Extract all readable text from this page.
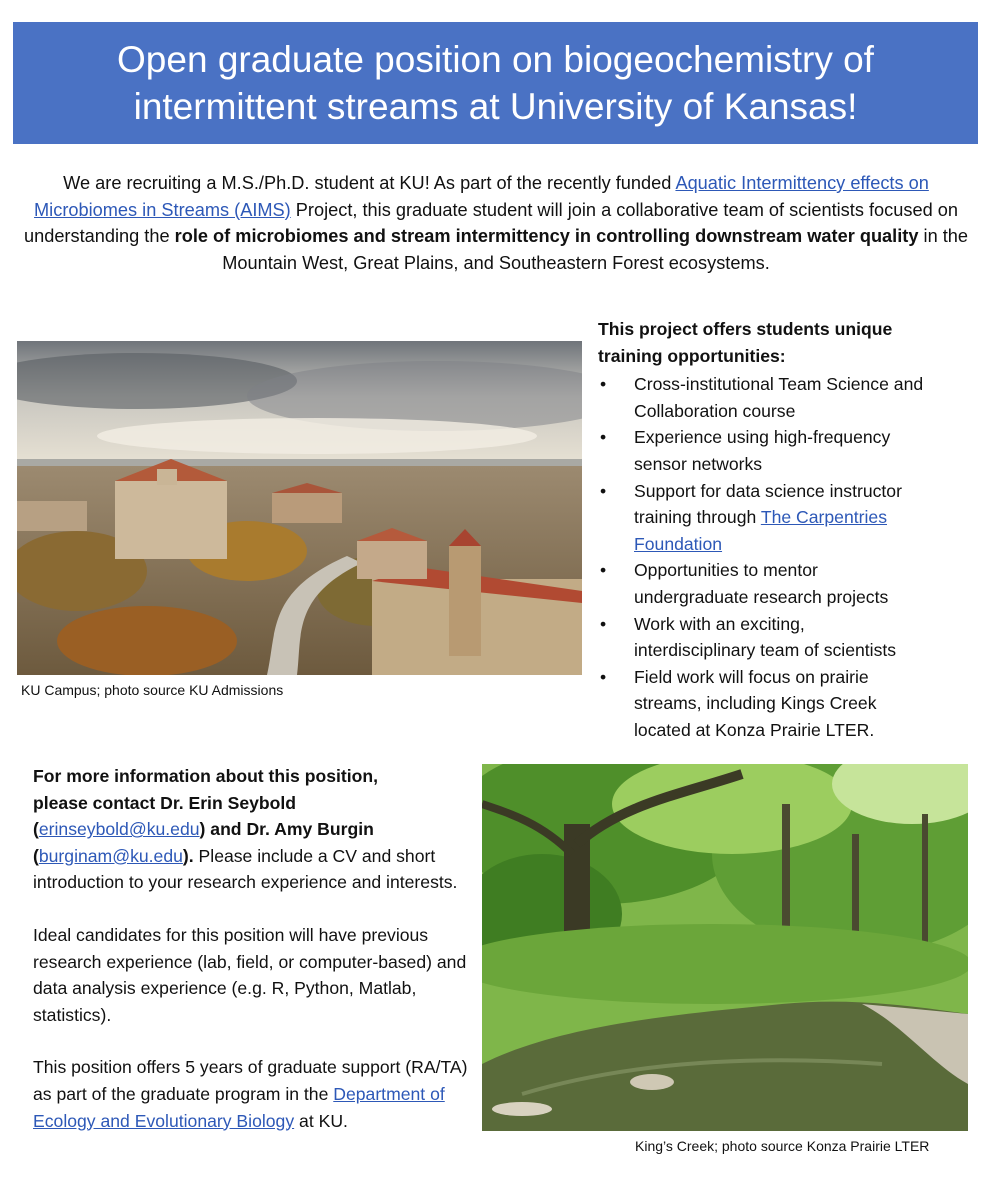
Open graduate position on biogeochemistry of
intermittent streams at University of Kansas!
We are recruiting a M.S./Ph.D. student at KU! As part of the recently funded Aquatic Intermittency effects on Microbiomes in Streams (AIMS) Project, this graduate student will join a collaborative team of scientists focused on understanding the role of microbiomes and stream intermittency in controlling downstream water quality in the Mountain West, Great Plains, and Southeastern Forest ecosystems.
KU Campus; photo source KU Admissions
This project offers students unique
training opportunities:
• Cross-institutional Team Science and
Collaboration course
• Experience using high-frequency
sensor networks
• Support for data science instructor
training through The Carpentries
Foundation
• Opportunities to mentor
undergraduate research projects
• Work with an exciting,
interdisciplinary team of scientists
• Field work will focus on prairie
streams, including Kings Creek
located at Konza Prairie LTER.

For more information about this position,
please contact Dr. Erin Seybold
(erinseybold@ku.edu) and Dr. Amy Burgin
(burginam@ku.edu). Please include a CV and short introduction to your research experience and interests.

Ideal candidates for this position will have previous research experience (lab, field, or computer-based) and data analysis experience (e.g. R, Python, Matlab, statistics).

This position offers 5 years of graduate support (RA/TA) as part of the graduate program in the Department of Ecology and Evolutionary Biology at KU.

King’s Creek; photo source Konza Prairie LTER
